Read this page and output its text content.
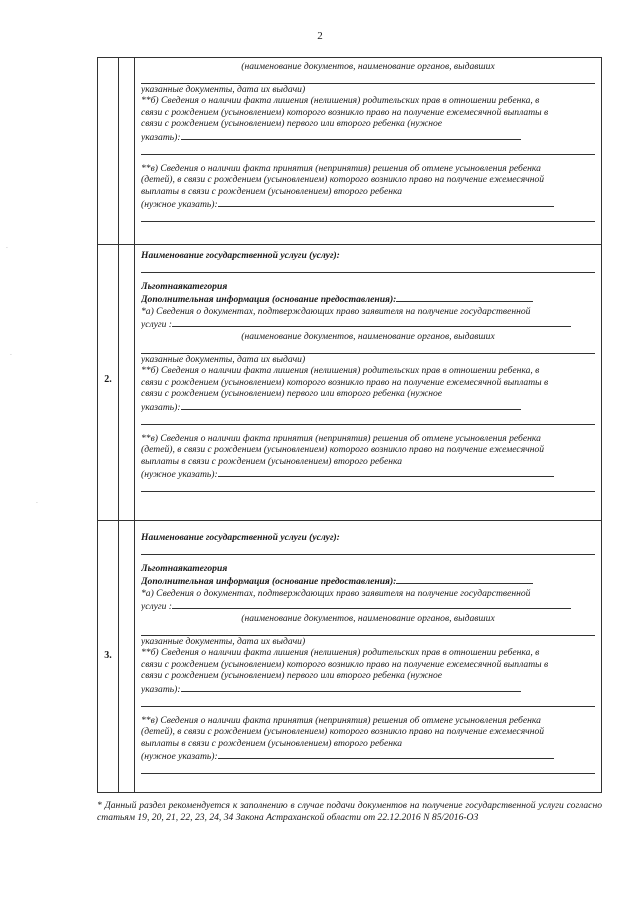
2
·
·
·
(наименование документов, наименование органов, выдавших
указанные документы, дата их выдачи)
**б) Сведения о наличии факта лишения (нелишения) родительских прав в отношении ребенка, в
связи с рождением (усыновлением) которого возникло право на получение ежемесячной выплаты в
связи с рождением (усыновлением) первого или второго ребенка (нужное
указать):
**в) Сведения о наличии факта принятия (непринятия) решения об отмене усыновления ребенка
(детей), в связи с рождением (усыновлением) которого возникло право на получение ежемесячной
выплаты в связи с рождением (усыновлением) второго ребенка
(нужное указать):
2.
Наименование государственной услуги (услуг):
Льготнаякатегория
Дополнительная информация (основание предоставления):
*а) Сведения о документах, подтверждающих право заявителя на получение государственной
услуги :
(наименование документов, наименование органов, выдавших
указанные документы, дата их выдачи)
**б) Сведения о наличии факта лишения (нелишения) родительских прав в отношении ребенка, в
связи с рождением (усыновлением) которого возникло право на получение ежемесячной выплаты в
связи с рождением (усыновлением) первого или второго ребенка (нужное
указать):
**в) Сведения о наличии факта принятия (непринятия) решения об отмене усыновления ребенка
(детей), в связи с рождением (усыновлением) которого возникло право на получение ежемесячной
выплаты в связи с рождением (усыновлением) второго ребенка
(нужное указать):
3.
Наименование государственной услуги (услуг):
Льготнаякатегория
Дополнительная информация (основание предоставления):
*а) Сведения о документах, подтверждающих право заявителя на получение государственной
услуги :
(наименование документов, наименование органов, выдавших
указанные документы, дата их выдачи)
**б) Сведения о наличии факта лишения (нелишения) родительских прав в отношении ребенка, в
связи с рождением (усыновлением) которого возникло право на получение ежемесячной выплаты в
связи с рождением (усыновлением) первого или второго ребенка (нужное
указать):
**в) Сведения о наличии факта принятия (непринятия) решения об отмене усыновления ребенка
(детей), в связи с рождением (усыновлением) которого возникло право на получение ежемесячной
выплаты в связи с рождением (усыновлением) второго ребенка
(нужное указать):
* Данный раздел рекомендуется к заполнению в случае подачи документов на получение государственной услуги согласно статьям 19, 20, 21, 22, 23, 24, 34 Закона Астраханской области от 22.12.2016 N 85/2016-ОЗ
